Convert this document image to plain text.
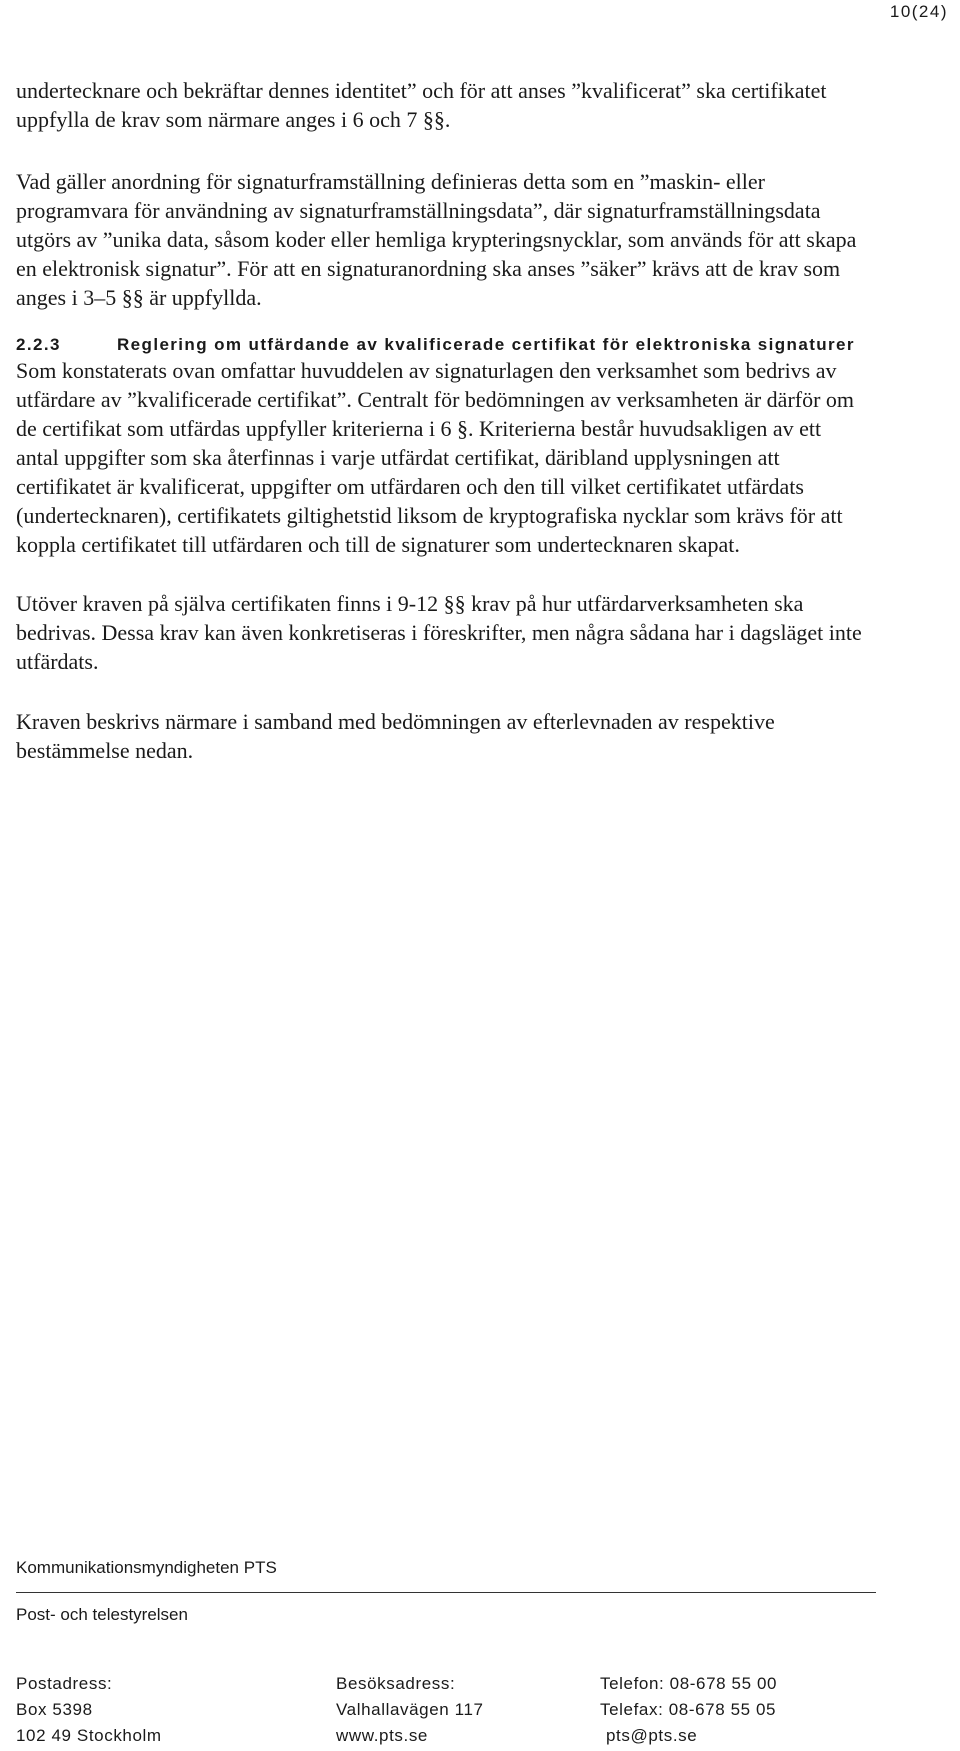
10(24)

undertecknare och bekräftar dennes identitet” och för att anses ”kvalificerat” ska certifikatet uppfylla de krav som närmare anges i 6 och 7 §§.

Vad gäller anordning för signaturframställning definieras detta som en ”maskin- eller programvara för användning av signaturframställningsdata”, där signaturframställningsdata utgörs av ”unika data, såsom koder eller hemliga krypteringsnycklar, som används för att skapa en elektronisk signatur”. För att en signaturanordning ska anses ”säker” krävs att de krav som anges i 3–5 §§ är uppfyllda.

2.2.3	Reglering om utfärdande av kvalificerade certifikat för elektroniska signaturer

Som konstaterats ovan omfattar huvuddelen av signaturlagen den verksamhet som bedrivs av utfärdare av ”kvalificerade certifikat”. Centralt för bedömningen av verksamheten är därför om de certifikat som utfärdas uppfyller kriterierna i 6 §. Kriterierna består huvudsakligen av ett antal uppgifter som ska återfinnas i varje utfärdat certifikat, däribland upplysningen att certifikatet är kvalificerat, uppgifter om utfärdaren och den till vilket certifikatet utfärdats (undertecknaren), certifikatets giltighetstid liksom de kryptografiska nycklar som krävs för att koppla certifikatet till utfärdaren och till de signaturer som undertecknaren skapat.

Utöver kraven på själva certifikaten finns i 9-12 §§ krav på hur utfärdarverksamheten ska bedrivas. Dessa krav kan även konkretiseras i föreskrifter, men några sådana har i dagsläget inte utfärdats.

Kraven beskrivs närmare i samband med bedömningen av efterlevnaden av respektive bestämmelse nedan.

Kommunikationsmyndigheten PTS

Post- och telestyrelsen

Postadress:
Box 5398
102 49 Stockholm
Besöksadress:
Valhallavägen 117
www.pts.se
Telefon: 08-678 55 00
Telefax: 08-678 55 05
pts@pts.se
